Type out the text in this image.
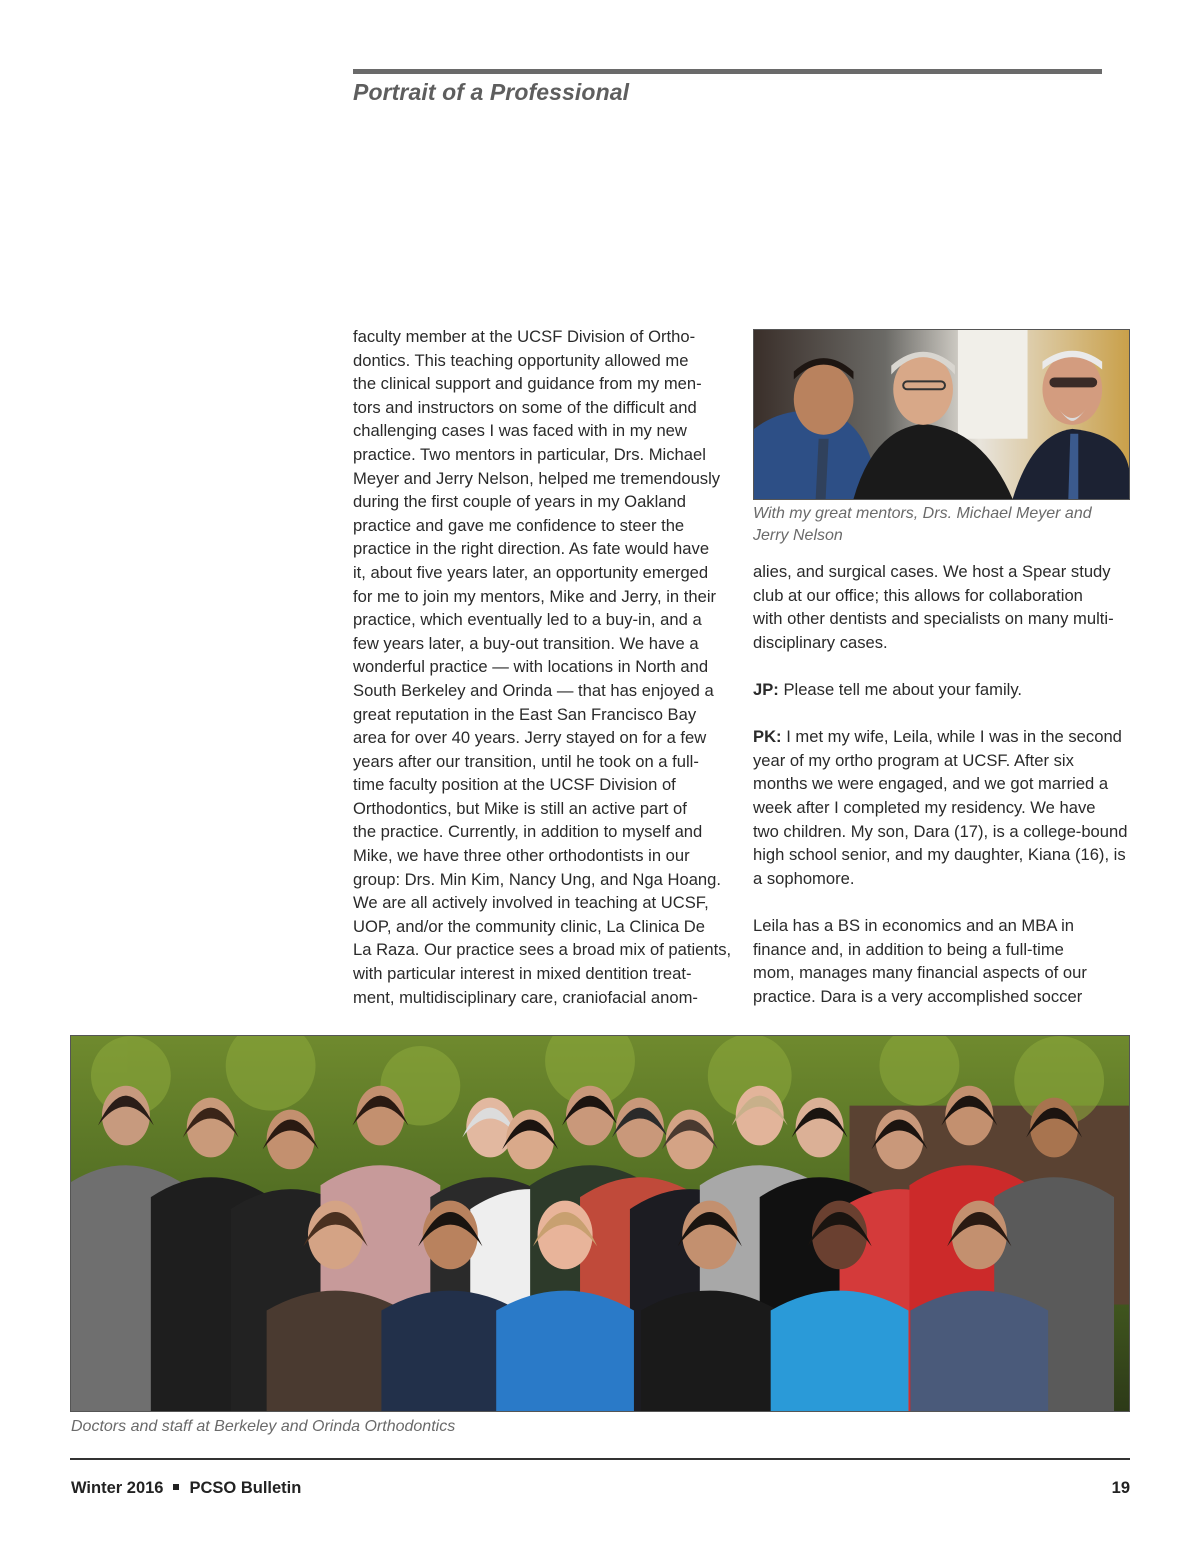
Portrait of a Professional

faculty member at the UCSF Division of Ortho-
dontics. This teaching opportunity allowed me
the clinical support and guidance from my men-
tors and instructors on some of the difficult and
challenging cases I was faced with in my new
practice. Two mentors in particular, Drs. Michael
Meyer and Jerry Nelson, helped me tremendously
during the first couple of years in my Oakland
practice and gave me confidence to steer the
practice in the right direction. As fate would have
it, about five years later, an opportunity emerged
for me to join my mentors, Mike and Jerry, in their
practice, which eventually led to a buy-in, and a
few years later, a buy-out transition. We have a
wonderful practice — with locations in North and
South Berkeley and Orinda — that has enjoyed a
great reputation in the East San Francisco Bay
area for over 40 years. Jerry stayed on for a few
years after our transition, until he took on a full-
time faculty position at the UCSF Division of
Orthodontics, but Mike is still an active part of
the practice. Currently, in addition to myself and
Mike, we have three other orthodontists in our
group: Drs. Min Kim, Nancy Ung, and Nga Hoang.
We are all actively involved in teaching at UCSF,
UOP, and/or the community clinic, La Clinica De
La Raza. Our practice sees a broad mix of patients,
with particular interest in mixed dentition treat-
ment, multidisciplinary care, craniofacial anom-

With my great mentors, Drs. Michael Meyer and Jerry Nelson

alies, and surgical cases. We host a Spear study
club at our office; this allows for collaboration
with other dentists and specialists on many multi-
disciplinary cases.

JP: Please tell me about your family.

PK: I met my wife, Leila, while I was in the second
year of my ortho program at UCSF. After six
months we were engaged, and we got married a
week after I completed my residency. We have
two children. My son, Dara (17), is a college-bound
high school senior, and my daughter, Kiana (16), is
a sophomore.

Leila has a BS in economics and an MBA in
finance and, in addition to being a full-time
mom, manages many financial aspects of our
practice. Dara is a very accomplished soccer

Doctors and staff at Berkeley and Orinda Orthodontics
Winter 2016 PCSO Bulletin	19
